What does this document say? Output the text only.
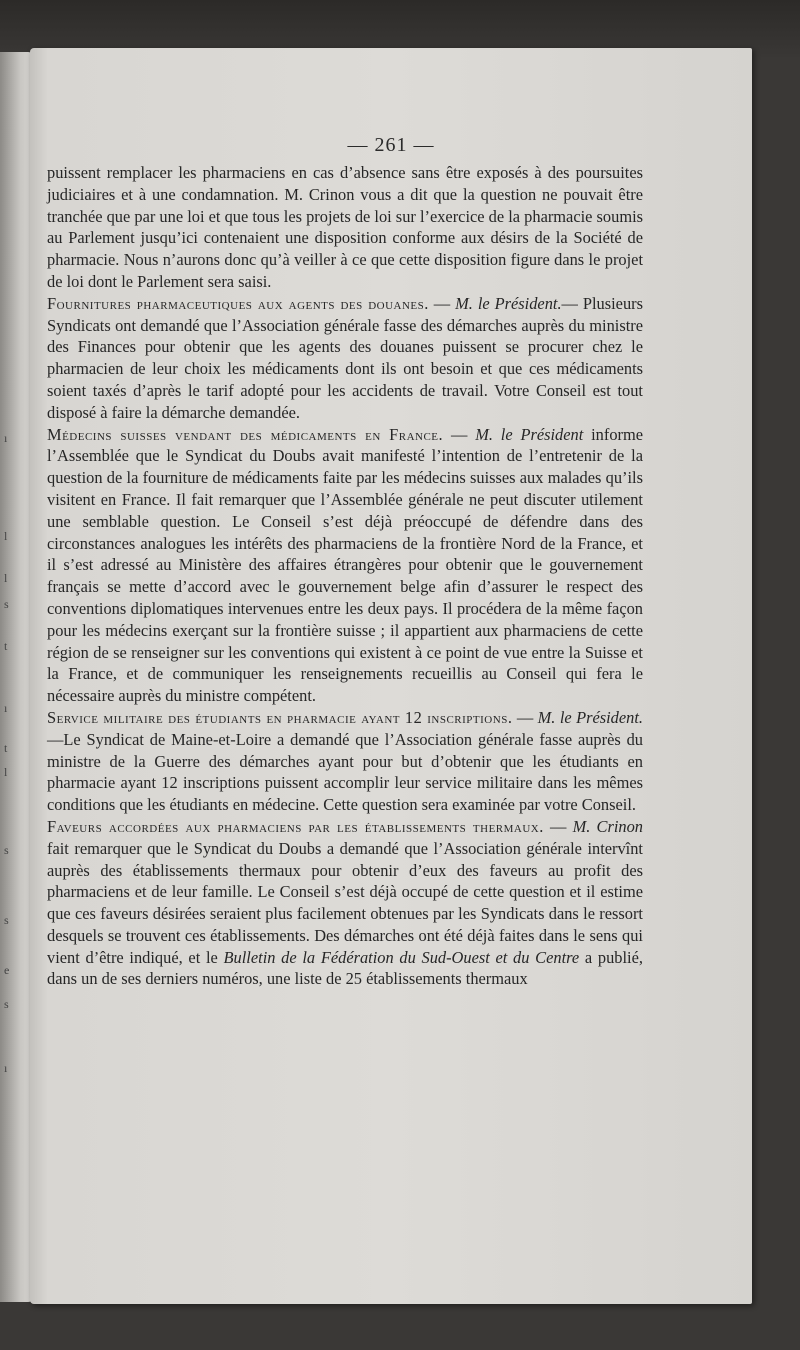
ı
l
l
s
t
ı
t
l
s
s
e
s
ı
— 261 —

puissent remplacer les pharmaciens en cas d’absence sans être exposés à des poursuites judiciaires et à une condamnation. M. Crinon vous a dit que la question ne pouvait être tranchée que par une loi et que tous les projets de loi sur l’exercice de la pharmacie soumis au Parlement jusqu’ici contenaient une disposition conforme aux désirs de la Société de pharmacie. Nous n’aurons donc qu’à veiller à ce que cette disposition figure dans le projet de loi dont le Parlement sera saisi.

Fournitures pharmaceutiques aux agents des douanes. — M. le Président.— Plusieurs Syndicats ont demandé que l’Association générale fasse des démarches auprès du ministre des Finances pour obtenir que les agents des douanes puissent se procurer chez le pharmacien de leur choix les médicaments dont ils ont besoin et que ces médicaments soient taxés d’après le tarif adopté pour les accidents de travail. Votre Conseil est tout disposé à faire la démarche demandée.

Médecins suisses vendant des médicaments en France. — M. le Président informe l’Assemblée que le Syndicat du Doubs avait manifesté l’intention de l’entretenir de la question de la fourniture de médicaments faite par les médecins suisses aux malades qu’ils visitent en France. Il fait remarquer que l’Assemblée générale ne peut discuter utilement une semblable question. Le Conseil s’est déjà préoccupé de défendre dans des circonstances analogues les intérêts des pharmaciens de la frontière Nord de la France, et il s’est adressé au Ministère des affaires étrangères pour obtenir que le gouvernement français se mette d’accord avec le gouvernement belge afin d’assurer le respect des conventions diplomatiques intervenues entre les deux pays. Il procédera de la même façon pour les médecins exerçant sur la frontière suisse ; il appartient aux pharmaciens de cette région de se renseigner sur les conventions qui existent à ce point de vue entre la Suisse et la France, et de communiquer les renseignements recueillis au Conseil qui fera le nécessaire auprès du ministre compétent.

Service militaire des étudiants en pharmacie ayant 12 inscriptions. — M. le Président.—Le Syndicat de Maine-et-Loire a demandé que l’Association générale fasse auprès du ministre de la Guerre des démarches ayant pour but d’obtenir que les étudiants en pharmacie ayant 12 inscriptions puissent accomplir leur service militaire dans les mêmes conditions que les étudiants en médecine. Cette question sera examinée par votre Conseil.

Faveurs accordées aux pharmaciens par les établissements thermaux. — M. Crinon fait remarquer que le Syndicat du Doubs a demandé que l’Association générale intervînt auprès des établissements thermaux pour obtenir d’eux des faveurs au profit des pharmaciens et de leur famille. Le Conseil s’est déjà occupé de cette question et il estime que ces faveurs désirées seraient plus facilement obtenues par les Syndicats dans le ressort desquels se trouvent ces établissements. Des démarches ont été déjà faites dans le sens qui vient d’être indiqué, et le Bulletin de la Fédération du Sud-Ouest et du Centre a publié, dans un de ses derniers numéros, une liste de 25 établissements thermaux
